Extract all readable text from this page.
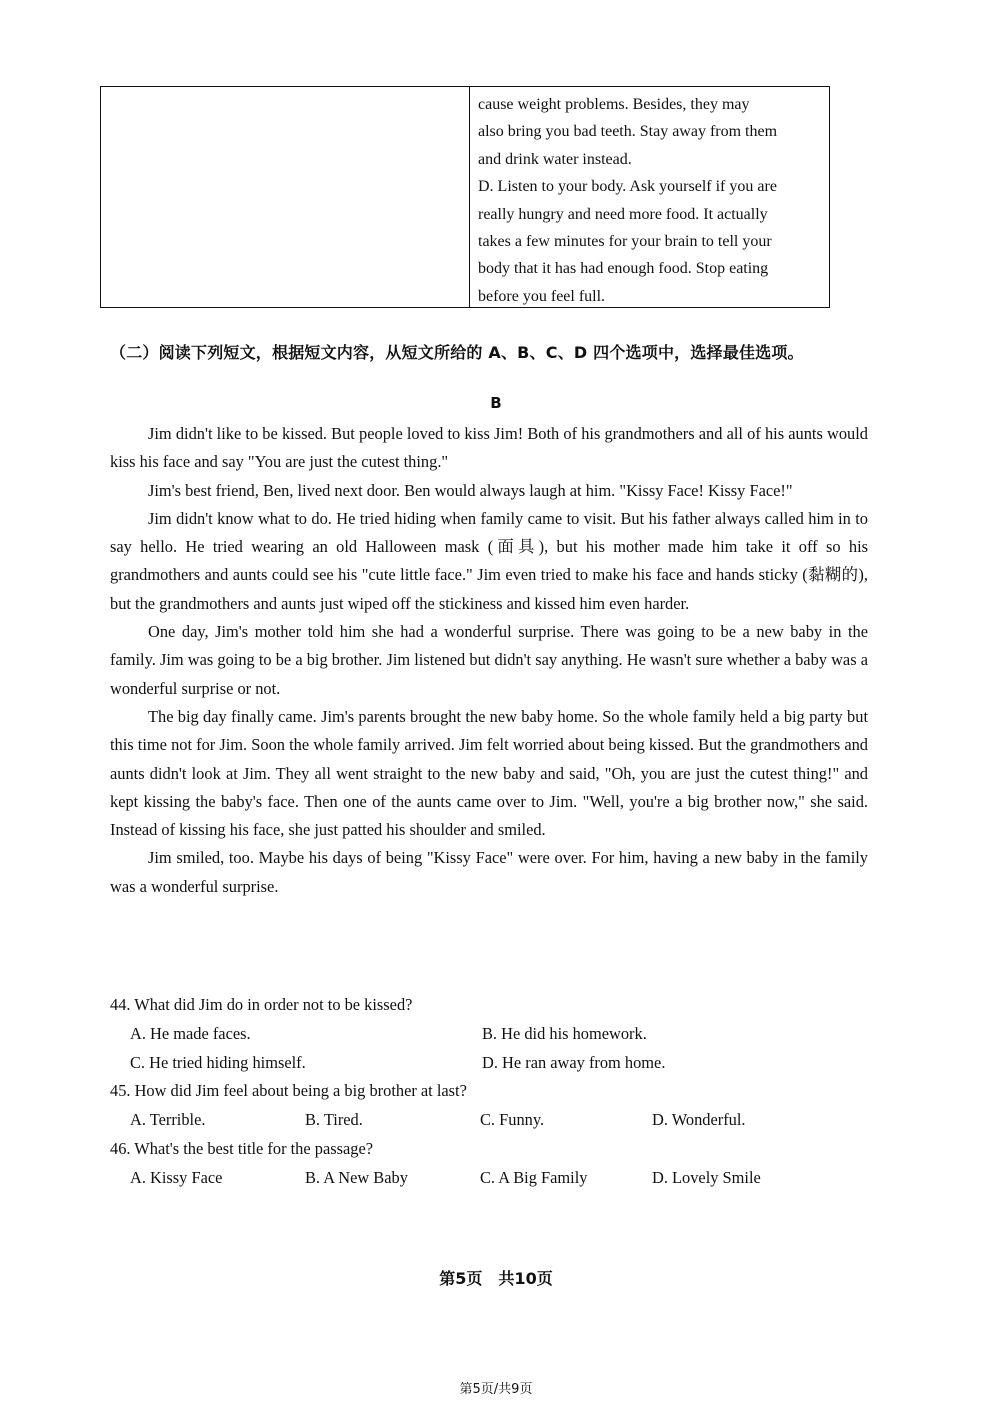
cause weight problems. Besides, they may

also bring you bad teeth. Stay away from them

and drink water instead.

D. Listen to your body. Ask yourself if you are

really hungry and need more food. It actually

takes a few minutes for your brain to tell your

body that it has had enough food. Stop eating

before you feel full.

（二）阅读下列短文，根据短文内容，从短文所给的 A、B、C、D 四个选项中，选择最佳选项。
B

Jim didn't like to be kissed. But people loved to kiss Jim! Both of his grandmothers and all of his aunts would kiss his face and say "You are just the cutest thing."

Jim's best friend, Ben, lived next door. Ben would always laugh at him. "Kissy Face! Kissy Face!"

Jim didn't know what to do. He tried hiding when family came to visit. But his father always called him in to say hello. He tried wearing an old Halloween mask (面具), but his mother made him take it off so his grandmothers and aunts could see his "cute little face." Jim even tried to make his face and hands sticky (黏糊的), but the grandmothers and aunts just wiped off the stickiness and kissed him even harder.

One day, Jim's mother told him she had a wonderful surprise. There was going to be a new baby in the family. Jim was going to be a big brother. Jim listened but didn't say anything. He wasn't sure whether a baby was a wonderful surprise or not.

The big day finally came. Jim's parents brought the new baby home. So the whole family held a big party but this time not for Jim. Soon the whole family arrived. Jim felt worried about being kissed. But the grandmothers and aunts didn't look at Jim. They all went straight to the new baby and said, "Oh, you are just the cutest thing!" and kept kissing the baby's face. Then one of the aunts came over to Jim. "Well, you're a big brother now," she said. Instead of kissing his face, she just patted his shoulder and smiled.

Jim smiled, too. Maybe his days of being "Kissy Face" were over. For him, having a new baby in the family was a wonderful surprise.

44. What did Jim do in order not to be kissed?

A. He made faces.	B. He did his homework.
C. He tried hiding himself.	D. He ran away from home.

45. How did Jim feel about being a big brother at last?

A. Terrible.	B. Tired.	C. Funny.	D. Wonderful.

46. What's the best title for the passage?

A. Kissy Face	B. A New Baby	C. A Big Family	D. Lovely Smile
第5页　共10页
第5页/共9页
